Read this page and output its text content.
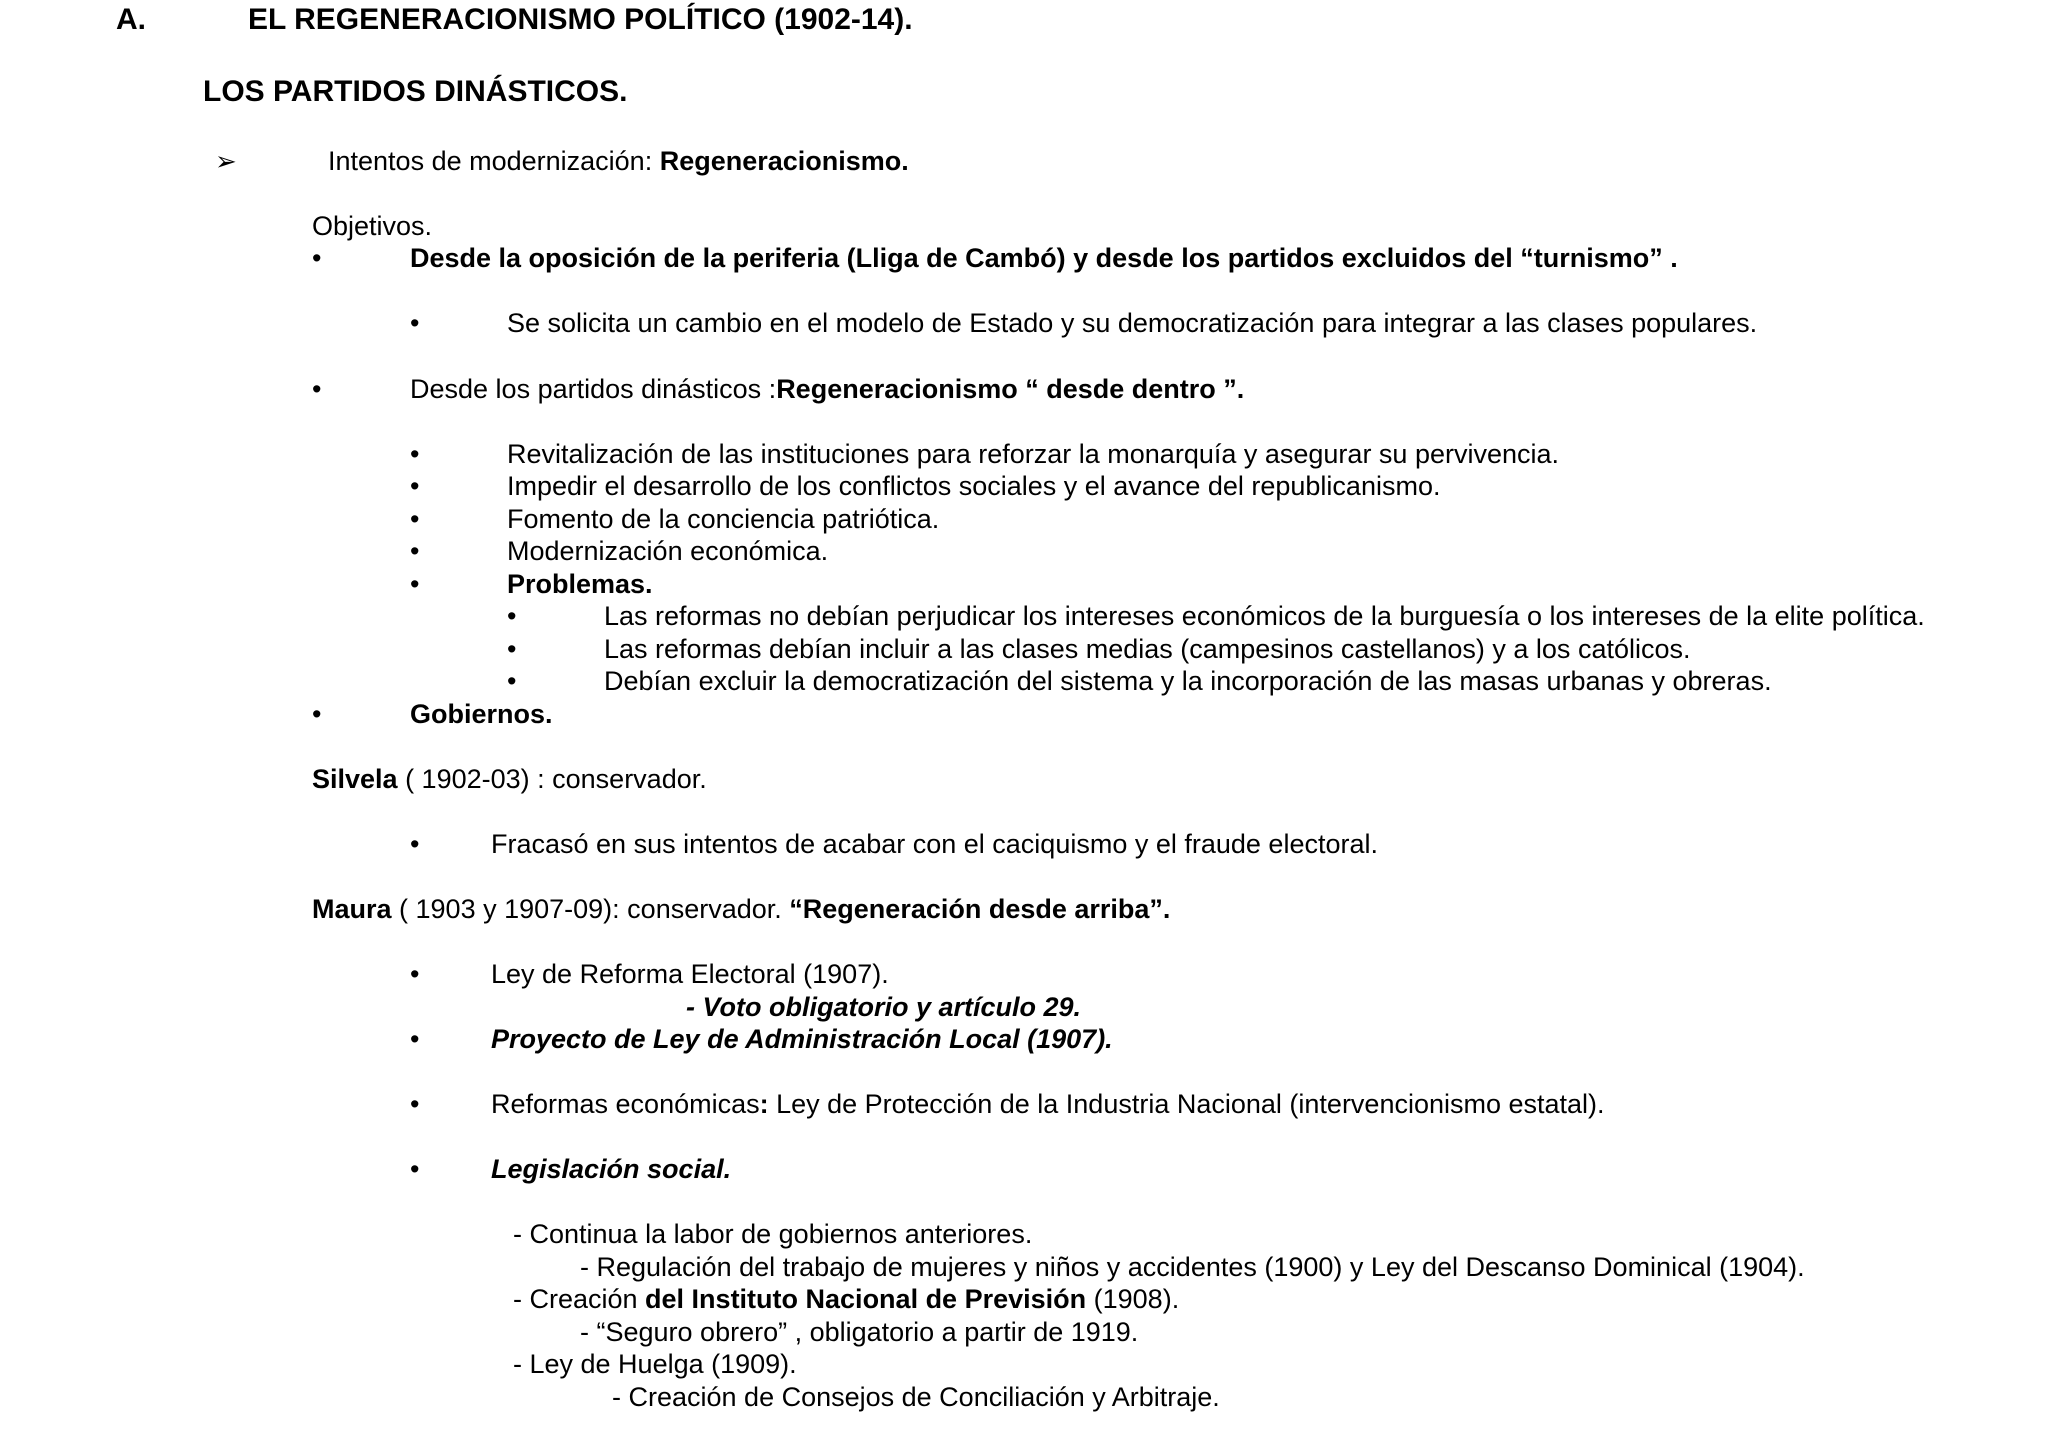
A.	EL REGENERACIONISMO POLÍTICO (1902-14).
LOS PARTIDOS DINÁSTICOS.
➢	Intentos de modernización: Regeneracionismo.
Objetivos.
•	Desde la oposición de la periferia (Lliga de Cambó) y desde los partidos excluidos del “turnismo” .
•	Se solicita un cambio en el modelo de Estado y su democratización para integrar a las clases populares.
•	Desde los partidos dinásticos :Regeneracionismo “ desde dentro ”.
•	Revitalización de las instituciones para reforzar la monarquía y asegurar su pervivencia.
•	Impedir el desarrollo de los conflictos sociales y el avance del republicanismo.
•	Fomento de la conciencia patriótica.
•	Modernización económica.
•	Problemas.
•	Las reformas no debían perjudicar los intereses económicos de la burguesía o los intereses de la elite política.
•	Las reformas debían incluir a las clases medias (campesinos castellanos) y a los católicos.
•	Debían excluir la democratización del sistema y la incorporación de las masas urbanas y obreras.
•	Gobiernos.
Silvela ( 1902-03) : conservador.
•	Fracasó en sus intentos de acabar con el caciquismo y el fraude electoral.
Maura ( 1903 y 1907-09): conservador. “Regeneración desde arriba”.
•	Ley de Reforma Electoral (1907).
- Voto obligatorio y artículo 29.
•	Proyecto de Ley de Administración Local (1907).
•	Reformas económicas: Ley de Protección de la Industria Nacional (intervencionismo estatal).
•	Legislación social.
- Continua la labor de gobiernos anteriores.
- Regulación del trabajo de mujeres y niños y accidentes (1900) y Ley del Descanso Dominical (1904).
- Creación del Instituto Nacional de Previsión (1908).
- “Seguro obrero” , obligatorio a partir de 1919.
- Ley de Huelga (1909).
- Creación de Consejos de Conciliación y Arbitraje.
